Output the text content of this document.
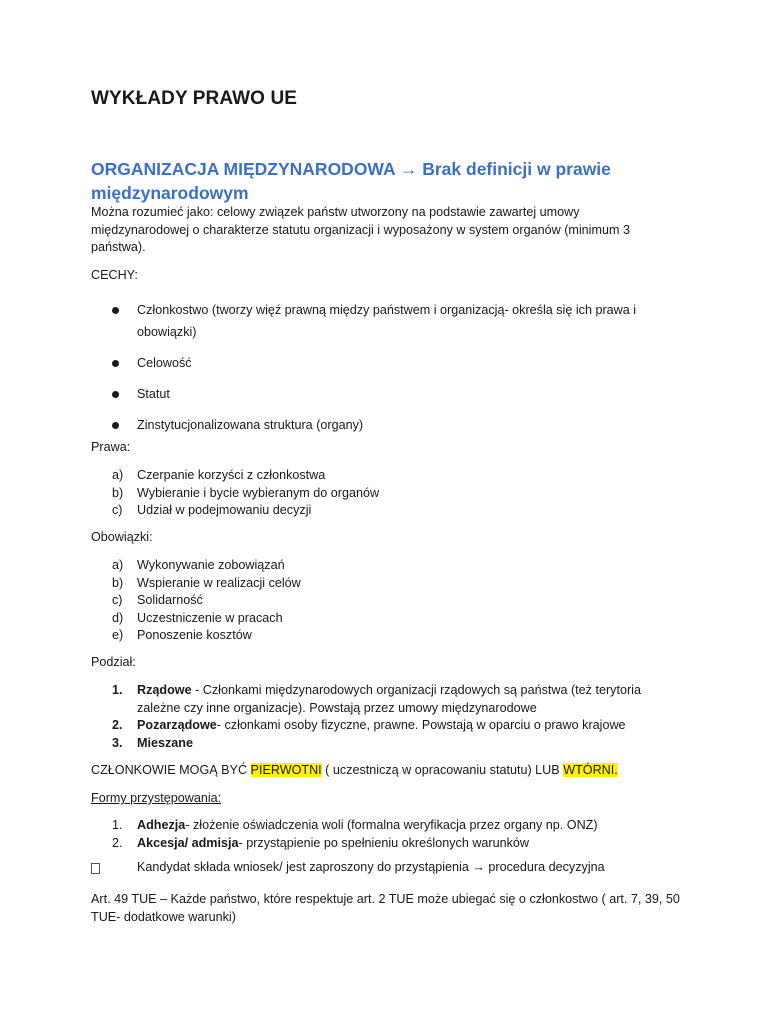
WYKŁADY PRAWO UE
ORGANIZACJA MIĘDZYNARODOWA → Brak definicji w prawie międzynarodowym

Można rozumieć jako: celowy związek państw utworzony na podstawie zawartej umowy międzynarodowej o charakterze statutu organizacji i wyposażony w system organów (minimum 3 państwa).

CECHY:

Członkostwo (tworzy więź prawną między państwem i organizacją- określa się ich prawa i obowiązki)
Celowość
Statut
Zinstytucjonalizowana struktura (organy)

Prawa:

a) Czerpanie korzyści z członkostwa
b) Wybieranie i bycie wybieranym do organów
c) Udział w podejmowaniu decyzji

Obowiązki:

a) Wykonywanie zobowiązań
b) Wspieranie w realizacji celów
c) Solidarność
d) Uczestniczenie w pracach
e) Ponoszenie kosztów

Podział:

1. Rządowe - Członkami międzynarodowych organizacji rządowych są państwa (też terytoria zależne czy inne organizacje). Powstają przez umowy międzynarodowe
2. Pozarządowe- członkami osoby fizyczne, prawne. Powstają w oparciu o prawo krajowe
3. Mieszane

CZŁONKOWIE MOGĄ BYĆ PIERWOTNI ( uczestniczą w opracowaniu statutu) LUB WTÓRNI.

Formy przystępowania:

1. Adhezja- złożenie oświadczenia woli (formalna weryfikacja przez organy np. ONZ)
2. Akcesja/ admisja- przystąpienie po spełnieniu określonych warunków

Kandydat składa wniosek/ jest zaproszony do przystąpienia → procedura decyzyjna

Art. 49 TUE – Każde państwo, które respektuje art. 2 TUE może ubiegać się o członkostwo ( art. 7, 39, 50 TUE- dodatkowe warunki)
